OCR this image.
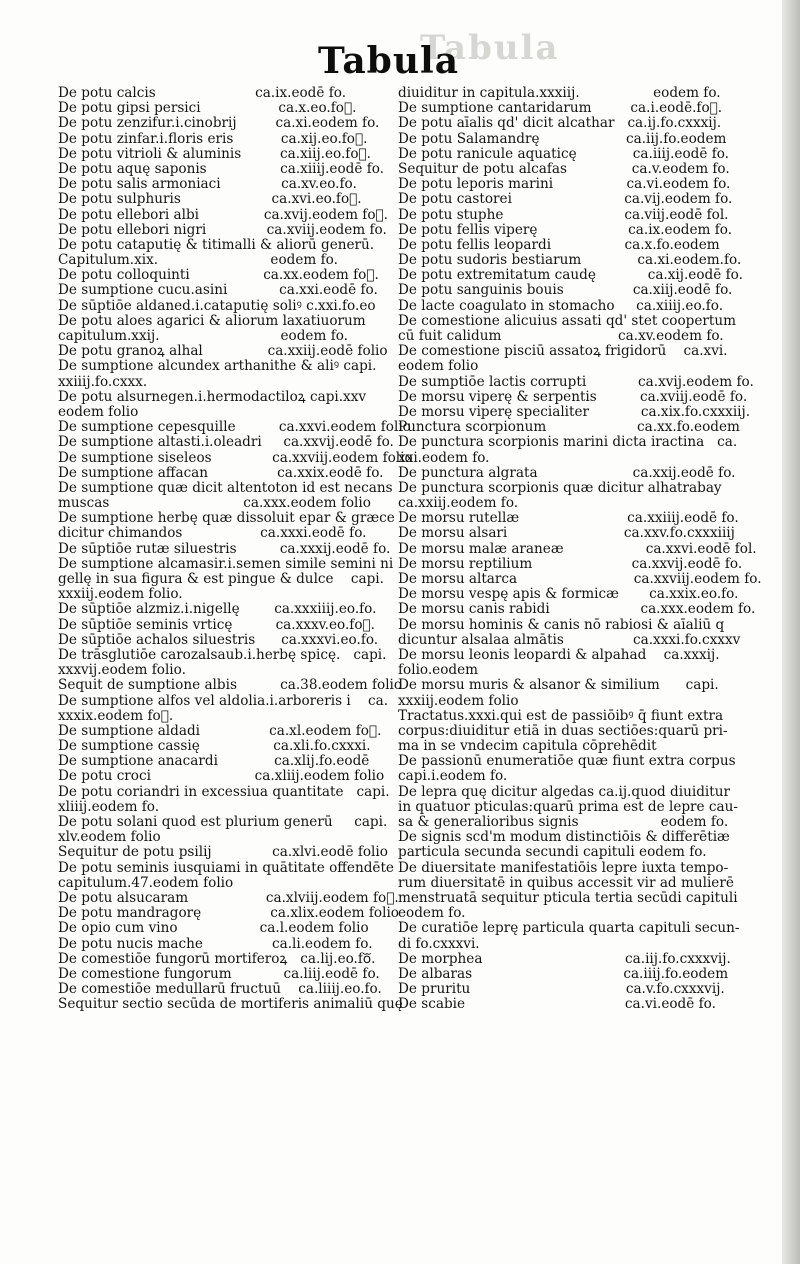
Tabula
Tabula
De potu calcis                       ca.ix.eodē fo.
De potu gipsi persici                  ca.x.eo.foᷓ.
De potu zenzifur.i.cinobrij         ca.xi.eodem fo.
De potu zinfar.i.floris eris           ca.xij.eo.foᷓ.
De potu vitrioli & aluminis         ca.xiij.eo.foᷓ.
De potu aquę saponis                 ca.xiiij.eodē fo.
De potu salis armoniaci              ca.xv.eo.fo.
De potu sulphuris                     ca.xvi.eo.foᷓ.
De potu ellebori albi               ca.xvij.eodem foᷓ.
De potu ellebori nigri              ca.xviij.eodem fo.
De potu cataputię & titimalli & aliorū generū.
Capitulum.xix.                          eodem fo.
De potu colloquinti                 ca.xx.eodem foᷓ.
De sumptione cucu.asini            ca.xxi.eodē fo.
De sūptiōe aldaned.i.cataputię soliꝰ c.xxi.fo.eo
De potu aloes agarici & aliorum laxatiuorum
capitulum.xxij.                            eodem fo.
De potu granoꝝ alhal               ca.xxiij.eodē folio
De sumptione alcundex arthanithe & aliꝰ capi.
xxiiij.fo.cxxx.
De potu alsurnegen.i.hermodactiloꝝ capi.xxv
eodem folio
De sumptione cepesquille          ca.xxvi.eodem folio
De sumptione altasti.i.oleadri     ca.xxvij.eodē fo.
De sumptione siseleos              ca.xxviij.eodem folio
De sumptione affacan                ca.xxix.eodē fo.
De sumptione quæ dicit altentoton id est necans
muscas                               ca.xxx.eodem folio
De sumptione herbę quæ dissoluit epar & græce
dicitur chimandos                  ca.xxxi.eodē fo.
De sūptiōe rutæ siluestris          ca.xxxij.eodē fo.
De sumptione alcamasir.i.semen simile semini ni
gellę in sua figura & est pingue & dulce    capi.
xxxiij.eodem folio.
De sūptiōe alzmiz.i.nigellę        ca.xxxiiij.eo.fo.
De sūptiōe seminis vrticę          ca.xxxv.eo.foᷓ.
De sūptiōe achalos siluestris      ca.xxxvi.eo.fo.
De trāsglutiōe carozalsaub.i.herbę spicę.   capi.
xxxvij.eodem folio.
Sequit de sumptione albis          ca.38.eodem folio
De sumptione alfos vel aldolia.i.arboreris i    ca.
xxxix.eodem foᷓ.
De sumptione aldadi                ca.xl.eodem foᷓ.
De sumptione cassię                 ca.xli.fo.cxxxi.
De sumptione anacardi             ca.xlij.fo.eodē
De potu croci                        ca.xliij.eodem folio
De potu coriandri in excessiua quantitate   capi.
xliiij.eodem fo.
De potu solani quod est plurium generū     capi.
xlv.eodem folio
Sequitur de potu psilij              ca.xlvi.eodē folio
De potu seminis iusquiami in quātitate offendēte
capitulum.47.eodem folio
De potu alsucaram                  ca.xlviij.eodem foᷓ.
De potu mandragorę                ca.xlix.eodem folio
De opio cum vino                   ca.l.eodem folio
De potu nucis mache                ca.li.eodem fo.
De comestiōe fungorū mortiferoꝝ   ca.lij.eo.foᷓ.
De comestione fungorum            ca.liij.eodē fo.
De comestiōe medullarū fructuū    ca.liiij.eo.fo.
Sequitur sectio secūda de mortiferis animaliū quę
diuiditur in capitula.xxxiij.                 eodem fo.
De sumptione cantaridarum         ca.i.eodē.foᷓ.
De potu aīalis qd' dicit alcathar   ca.ij.fo.cxxxij.
De potu Salamandrę                    ca.iij.fo.eodem
De potu ranicule aquaticę             ca.iiij.eodē fo.
Sequitur de potu alcafas               ca.v.eodem fo.
De potu leporis marini                 ca.vi.eodem fo.
De potu castorei                          ca.vij.eodem fo.
De potu stuphe                            ca.viij.eodē fol.
De potu fellis viperę                     ca.ix.eodem fo.
De potu fellis leopardi                 ca.x.fo.eodem
De potu sudoris bestiarum             ca.xi.eodem.fo.
De potu extremitatum caudę            ca.xij.eodē fo.
De potu sanguinis bouis                ca.xiij.eodē fo.
De lacte coagulato in stomacho     ca.xiiij.eo.fo.
De comestione alicuius assati qd' stet coopertum
cū fuit calidum                           ca.xv.eodem fo.
De comestione pisciū assatoꝝ frigidorū    ca.xvi.
eodem folio
De sumptiōe lactis corrupti            ca.xvij.eodem fo.
De morsu viperę & serpentis          ca.xviij.eodē fo.
De morsu viperę specialiter            ca.xix.fo.cxxxiij.
Punctura scorpionum                     ca.xx.fo.eodem
De punctura scorpionis marini dicta iractina   ca.
xxi.eodem fo.
De punctura algrata                      ca.xxij.eodē fo.
De punctura scorpionis quæ dicitur alhatrabay
ca.xxiij.eodem fo.
De morsu rutellæ                         ca.xxiiij.eodē fo.
De morsu alsari                           ca.xxv.fo.cxxxiiij
De morsu malæ araneæ                   ca.xxvi.eodē fol.
De morsu reptilium                       ca.xxvij.eodē fo.
De morsu altarca                           ca.xxviij.eodem fo.
De morsu vespę apis & formicæ       ca.xxix.eo.fo.
De morsu canis rabidi                     ca.xxx.eodem fo.
De morsu hominis & canis nō rabiosi & aīaliū q
dicuntur alsalaa almātis                ca.xxxi.fo.cxxxv
De morsu leonis leopardi & alpahad    ca.xxxij.
folio.eodem
De morsu muris & alsanor & similium      capi.
xxxiij.eodem folio
Tractatus.xxxi.qui est de passiōibꝰ q̄ fiunt extra
corpus:diuiditur etiā in duas sectiōes:quarū pri-
ma in se vndecim capitula cōprehēdit
De passionū enumeratiōe quæ fiunt extra corpus
capi.i.eodem fo.
De lepra quę dicitur algedas ca.ij.quod diuiditur
in quatuor pticulas:quarū prima est de lepre cau-
sa & generalioribus signis                   eodem fo.
De signis scd'm modum distinctiōis & differētiæ
particula secunda secundi capituli eodem fo.
De diuersitate manifestatiōis lepre iuxta tempo-
rum diuersitatē in quibus accessit vir ad mulierē
menstruatā sequitur pticula tertia secūdi capituli
eodem fo.
De curatiōe leprę particula quarta capituli secun-
di fo.cxxxvi.
De morphea                                 ca.iij.fo.cxxxvij.
De albaras                                   ca.iiij.fo.eodem
De pruritu                                    ca.v.fo.cxxxvij.
De scabie                                     ca.vi.eodē fo.
